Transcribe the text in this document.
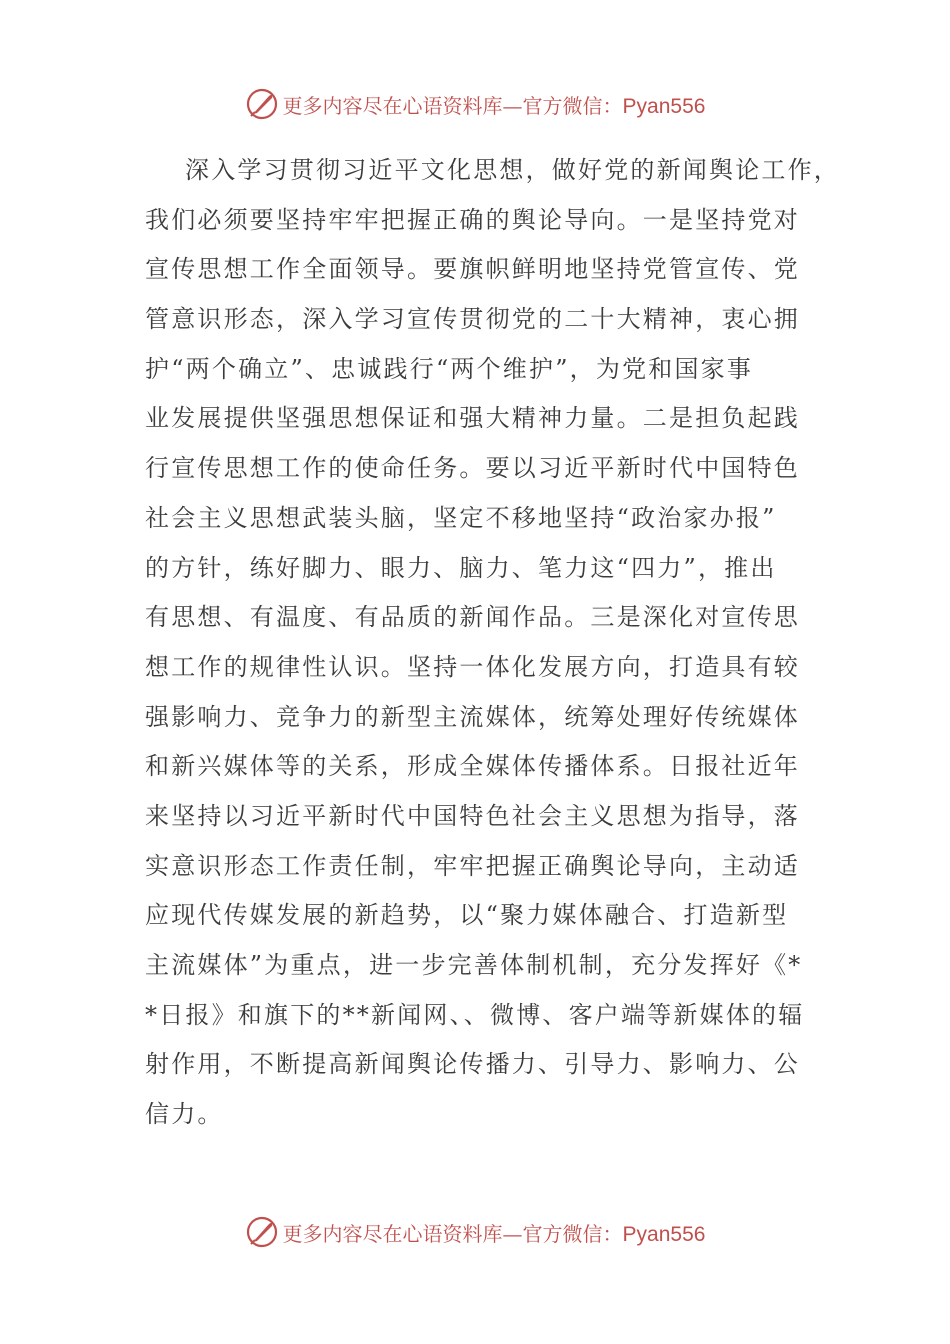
更多内容尽在心语资料库—官方微信：Pyan556
深入学习贯彻习近平文化思想，做好党的新闻舆论工作，
我们必须要坚持牢牢把握正确的舆论导向。一是坚持党对
宣传思想工作全面领导。要旗帜鲜明地坚持党管宣传、党
管意识形态，深入学习宣传贯彻党的二十大精神，衷心拥
护“两个确立”、忠诚践行“两个维护”，为党和国家事
业发展提供坚强思想保证和强大精神力量。二是担负起践
行宣传思想工作的使命任务。要以习近平新时代中国特色
社会主义思想武装头脑，坚定不移地坚持“政治家办报”
的方针，练好脚力、眼力、脑力、笔力这“四力”，推出
有思想、有温度、有品质的新闻作品。三是深化对宣传思
想工作的规律性认识。坚持一体化发展方向，打造具有较
强影响力、竞争力的新型主流媒体，统筹处理好传统媒体
和新兴媒体等的关系，形成全媒体传播体系。日报社近年
来坚持以习近平新时代中国特色社会主义思想为指导，落
实意识形态工作责任制，牢牢把握正确舆论导向，主动适
应现代传媒发展的新趋势，以“聚力媒体融合、打造新型
主流媒体”为重点，进一步完善体制机制，充分发挥好《*
*日报》和旗下的**新闻网、、微博、客户端等新媒体的辐
射作用，不断提高新闻舆论传播力、引导力、影响力、公
信力。
更多内容尽在心语资料库—官方微信：Pyan556
